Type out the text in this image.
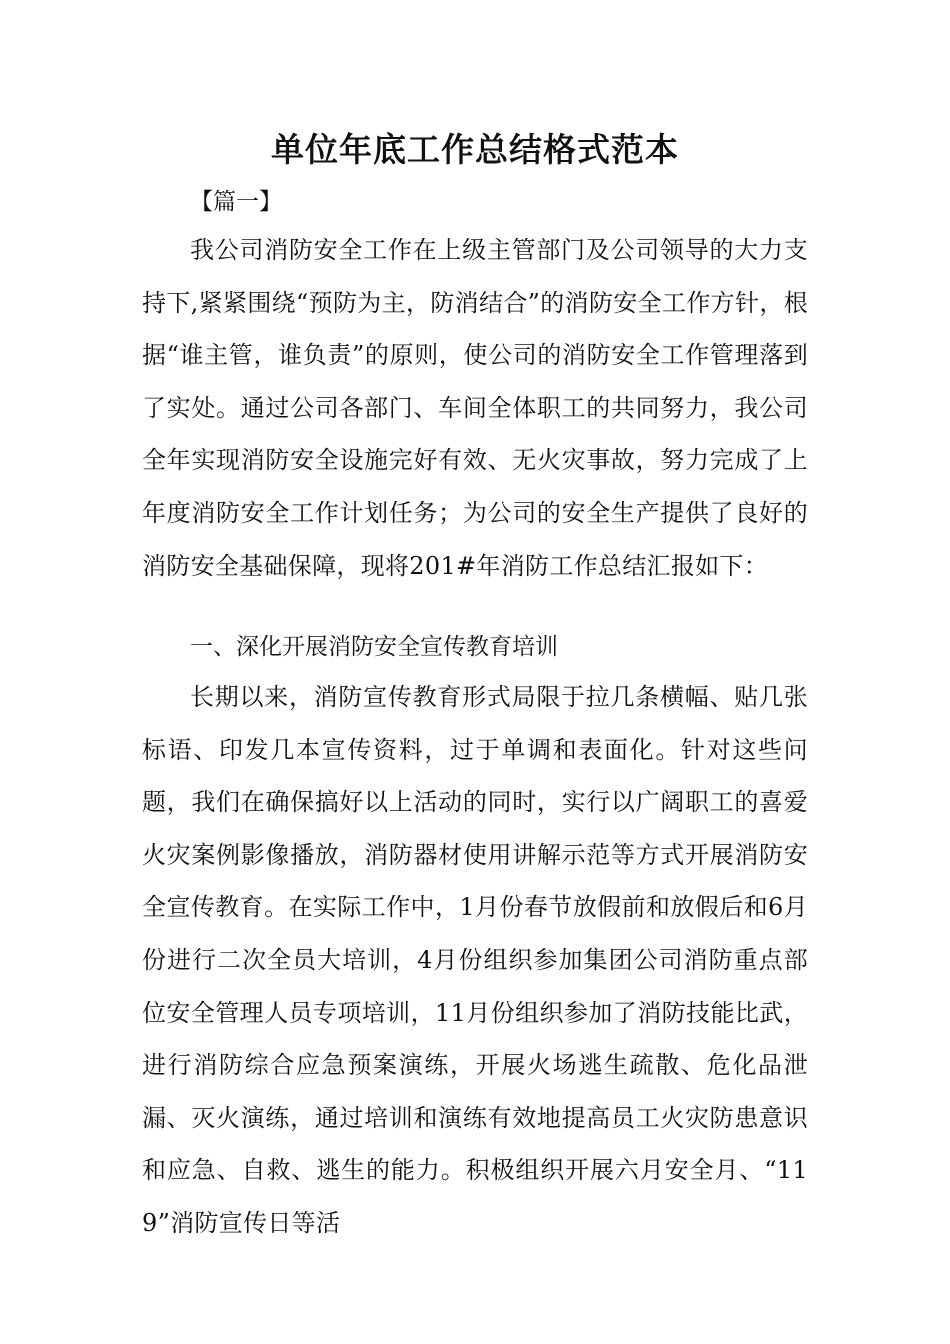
单位年底工作总结格式范本

【篇一】

我公司消防安全工作在上级主管部门及公司领导的大力支持下,紧紧围绕“预防为主，防消结合”的消防安全工作方针，根据“谁主管，谁负责”的原则，使公司的消防安全工作管理落到了实处。通过公司各部门、车间全体职工的共同努力，我公司全年实现消防安全设施完好有效、无火灾事故，努力完成了上年度消防安全工作计划任务；为公司的安全生产提供了良好的消防安全基础保障，现将201#年消防工作总结汇报如下：

一、深化开展消防安全宣传教育培训

长期以来，消防宣传教育形式局限于拉几条横幅、贴几张标语、印发几本宣传资料，过于单调和表面化。针对这些问题，我们在确保搞好以上活动的同时，实行以广阔职工的喜爱火灾案例影像播放，消防器材使用讲解示范等方式开展消防安全宣传教育。在实际工作中，1月份春节放假前和放假后和6月份进行二次全员大培训，4月份组织参加集团公司消防重点部位安全管理人员专项培训，11月份组织参加了消防技能比武，进行消防综合应急预案演练，开展火场逃生疏散、危化品泄漏、灭火演练，通过培训和演练有效地提高员工火灾防患意识和应急、自救、逃生的能力。积极组织开展六月安全月、“119”消防宣传日等活
